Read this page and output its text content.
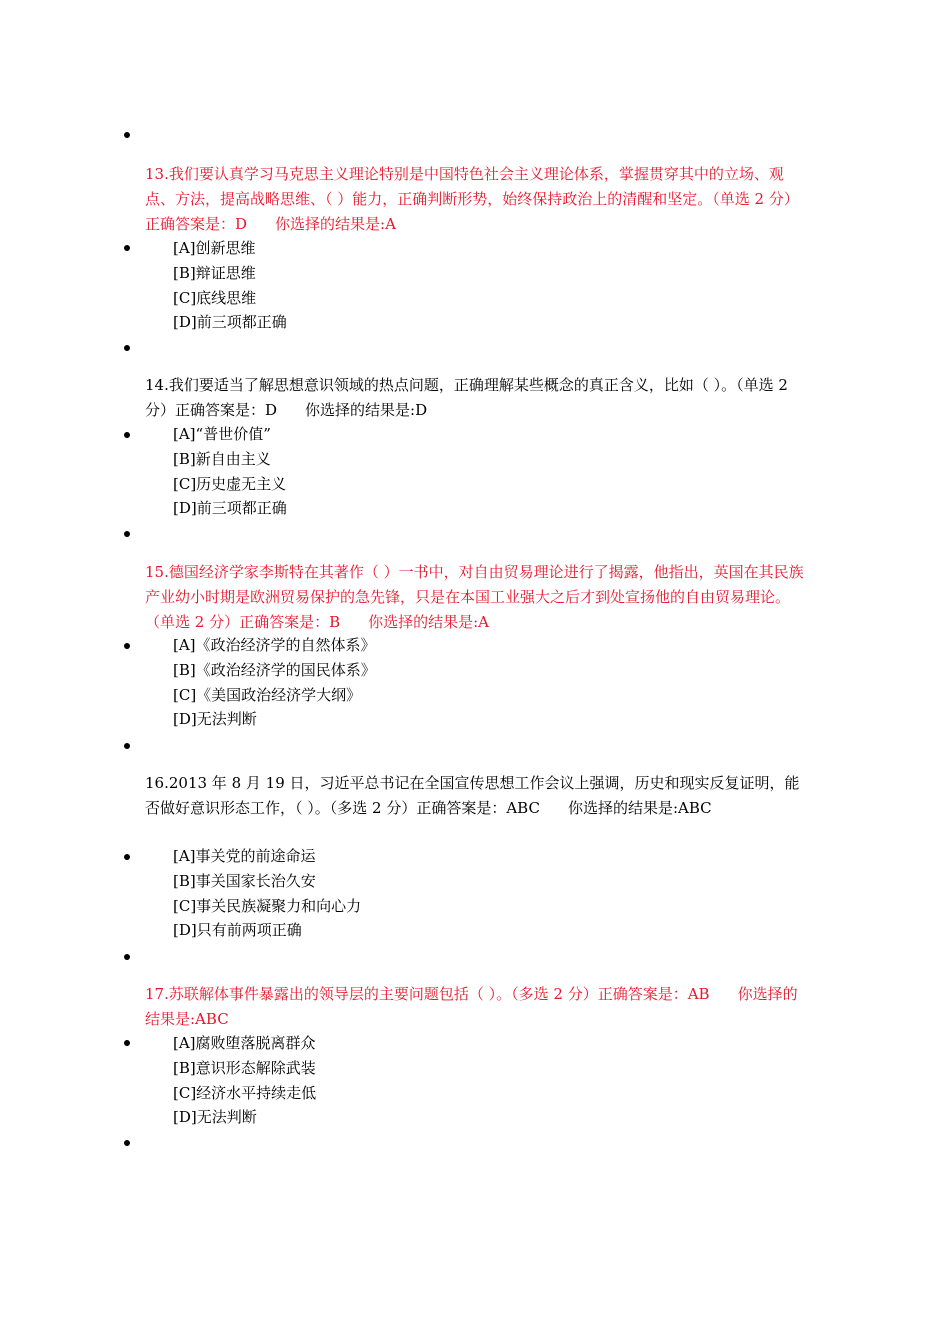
13.我们要认真学习马克思主义理论特别是中国特色社会主义理论体系，掌握贯穿其中的立场、观点、方法，提高战略思维、（ ）能力，正确判断形势，始终保持政治上的清醒和坚定。（单选 2 分）正确答案是：D 你选择的结果是:A

[A]创新思维
[B]辩证思维
[C]底线思维
[D]前三项都正确

14.我们要适当了解思想意识领域的热点问题，正确理解某些概念的真正含义，比如（ ）。（单选 2 分）正确答案是：D 你选择的结果是:D

[A]“普世价值”
[B]新自由主义
[C]历史虚无主义
[D]前三项都正确

15.德国经济学家李斯特在其著作（ ）一书中，对自由贸易理论进行了揭露，他指出，英国在其民族产业幼小时期是欧洲贸易保护的急先锋，只是在本国工业强大之后才到处宣扬他的自由贸易理论。（单选 2 分）正确答案是：B 你选择的结果是:A

[A]《政治经济学的自然体系》
[B]《政治经济学的国民体系》
[C]《美国政治经济学大纲》
[D]无法判断

16.2013 年 8 月 19 日，习近平总书记在全国宣传思想工作会议上强调，历史和现实反复证明，能否做好意识形态工作，（ ）。（多选 2 分）正确答案是：ABC 你选择的结果是:ABC

[A]事关党的前途命运
[B]事关国家长治久安
[C]事关民族凝聚力和向心力
[D]只有前两项正确

17.苏联解体事件暴露出的领导层的主要问题包括（ ）。（多选 2 分）正确答案是：AB 你选择的结果是:ABC

[A]腐败堕落脱离群众
[B]意识形态解除武装
[C]经济水平持续走低
[D]无法判断
